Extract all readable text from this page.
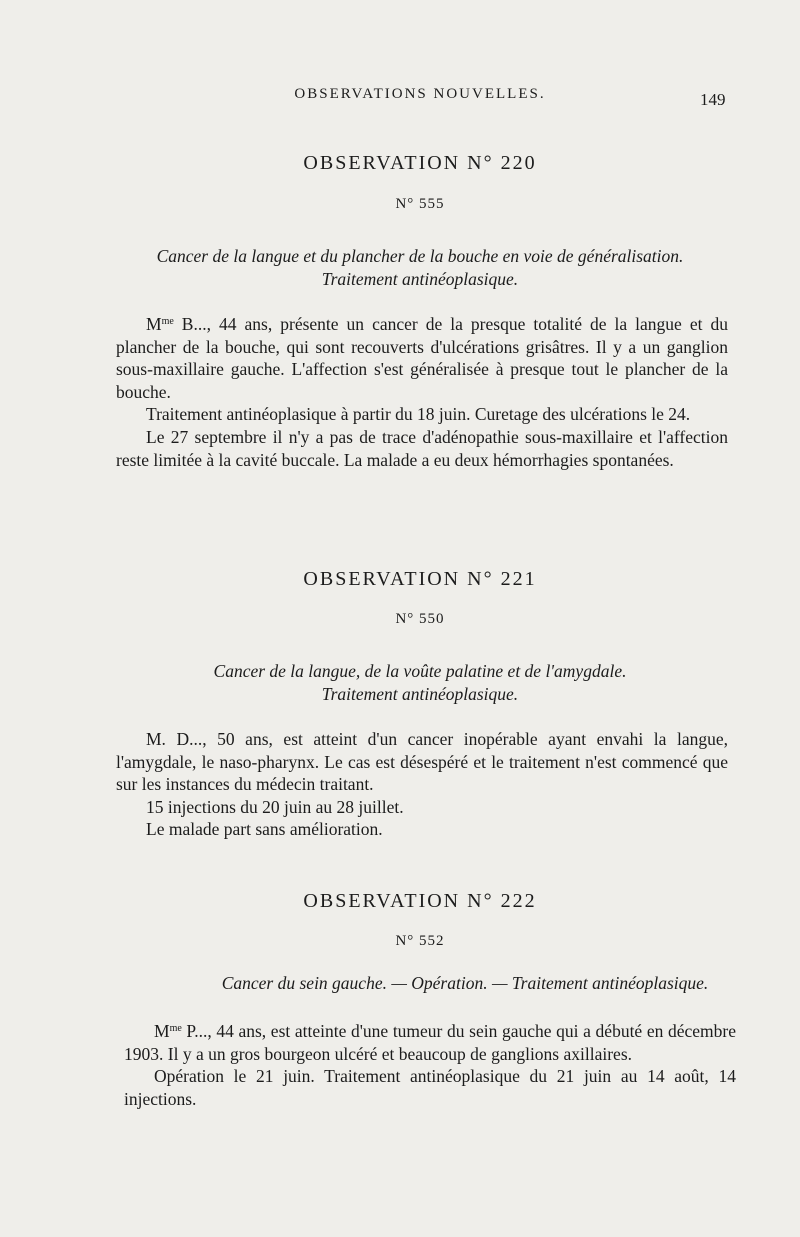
OBSERVATIONS NOUVELLES.	149
OBSERVATION N° 220
N° 555
Cancer de la langue et du plancher de la bouche en voie de généralisation.
Traitement antinéoplasique.

$M^{me}$ B..., 44 ans, présente un cancer de la presque totalité de la langue et du plancher de la bouche, qui sont recouverts d'ulcérations grisâtres. Il y a un ganglion sous-maxillaire gauche. L'affection s'est généralisée à presque tout le plancher de la bouche.

Traitement antinéoplasique à partir du 18 juin. Curetage des ulcérations le 24.

Le 27 septembre il n'y a pas de trace d'adénopathie sous-maxillaire et l'affection reste limitée à la cavité buccale. La malade a eu deux hémorrhagies spontanées.

OBSERVATION N° 221
N° 550
Cancer de la langue, de la voûte palatine et de l'amygdale.
Traitement antinéoplasique.

M. D..., 50 ans, est atteint d'un cancer inopérable ayant envahi la langue, l'amygdale, le naso-pharynx. Le cas est désespéré et le traitement n'est commencé que sur les instances du médecin traitant.

15 injections du 20 juin au 28 juillet.

Le malade part sans amélioration.

OBSERVATION N° 222
N° 552
Cancer du sein gauche. — Opération. — Traitement antinéoplasique.

$M^{me}$ P..., 44 ans, est atteinte d'une tumeur du sein gauche qui a débuté en décembre 1903. Il y a un gros bourgeon ulcéré et beaucoup de ganglions axillaires.

Opération le 21 juin. Traitement antinéoplasique du 21 juin au 14 août, 14 injections.
